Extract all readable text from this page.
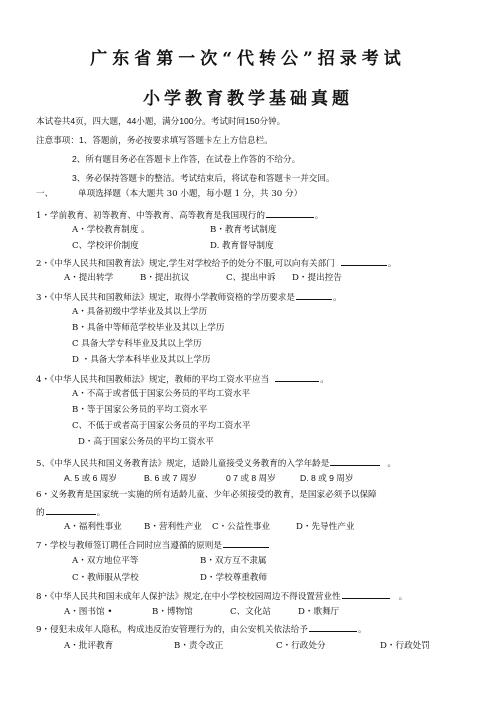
广东省第一次“代转公”招录考试
小学教育教学基础真题
本试卷共4页，四大题，44小题，满分100分。考试时间150分钟。
注意事项：1、答题前，务必按要求填写答题卡左上方信息栏。
2、所有题目务必在答题卡上作答，在试卷上作答的不给分。
3、务必保持答题卡的整洁。考试结束后，将试卷和答题卡一并交回。
一、	单项选择题（本大题共 30 小题，每小题 1 分，共 30 分）
1・学前教育、初等教育、中等教育、高等教育是我国现行的	。
A・学校教育制度 。	B・教育考试制度
C、学校评价制度	D. 教育督导制度
2・《中华人民共和国教育法》规定,学生对学校给予的处分不服,可以向有关部门	。
A・提出转学	B・提出抗议	C、提出申诉 D・提出控告
3・《中华人民共和国教师法》规定，取得小学教师资格的学历要求是	。
A・具备初级中学毕业及其以上学历
B・具备中等师范学校毕业及其以上学历
C 具备大学专科毕业及其以上学历
D ・具备大学本科毕业及其以上学历
4・《中华人民共和国教师法》规定，教师的平均工资水平应当	。
A・不高于或者低于国家公务员的平均工资水平
B・等于国家公务员的平均工资水平
C、不低于或者高于国家公务员的平均工资水平
D・高于国家公务员的平均工资水平
5、《中华人民共和国义务教育法》规定，适龄儿童接受义务教育的入学年龄是	。
A. 5 或 6 周岁	B. 6 或 7 周岁	0 7 或 8 周岁	D. 8 或 9 周岁
6・义务教育是国家统一实施的所有适龄儿童、少年必须接受的教育，是国家必须予以保障
的	。
A・福利性事业	B・营利性产业 C・公益性事业	D・先导性产业
7・学校与教师签订聘任合同时应当遵循的原则是
A・双方地位平等	B・双方互不隶属
C・教师服从学校	D・学校尊重教师
8・《中华人民共和国未成年人保护法》规定,在中小学校校园周边不得设置营业性	。
A・图书馆 •	B・博物馆	C、文化站	D・歌舞厅
9・侵犯未成年人隐私，构成违反治安管理行为的，由公安机关依法给予	。
A・批评教育	B・责令改正	C・行政处分	D・行政处罚
